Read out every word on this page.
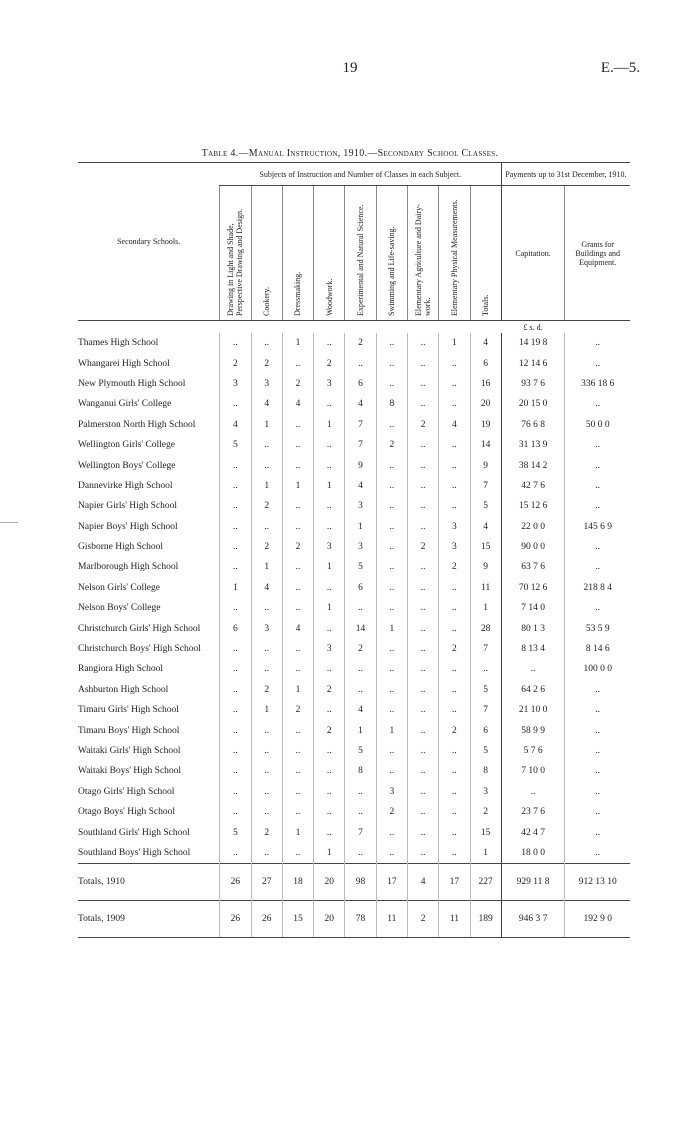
19	E.—5.
Table 4.—Manual Instruction, 1910.—Secondary School Classes.
Secondary Schools.	Subjects of Instruction and Number of Classes in each Subject.									Payments up to 31st December, 1910.	

	Drawing in Light and Shade, Perspective Drawing and Design.	Cookery.	Dressmaking.	Woodwork.	Experimental and Natural Science.	Swimming and Life-saving.	Elementary Agriculture and Dairy-work.	Elementary Physical Measurements.	Totals.	Capitation.	Grants for Buildings and Equipment.
										£ s. d.	
Thames High School	..	..	1	..	2	..	..	1	4	14 19 8	..
Whangarei High School	2	2	..	2	..	..	..	..	6	12 14 6	..
New Plymouth High School	3	3	2	3	6	..	..	..	16	93 7 6	336 18 6
Wanganui Girls' College	..	4	4	..	4	8	..	..	20	20 15 0	..
Palmerston North High School	4	1	..	1	7	..	2	4	19	76 6 8	50 0 0
Wellington Girls' College	5	..	..	..	7	2	..	..	14	31 13 9	..
Wellington Boys' College	..	..	..	..	9	..	..	..	9	38 14 2	..
Dannevirke High School	..	1	1	1	4	..	..	..	7	42 7 6	..
Napier Girls' High School	..	2	..	..	3	..	..	..	5	15 12 6	..
Napier Boys' High School	..	..	..	..	1	..	..	3	4	22 0 0	145 6 9
Gisborne High School	..	2	2	3	3	..	2	3	15	90 0 0	..
Marlborough High School	..	1	..	1	5	..	..	2	9	63 7 6	..
Nelson Girls' College	1	4	..	..	6	..	..	..	11	70 12 6	218 8 4
Nelson Boys' College	..	..	..	1	..	..	..	..	1	7 14 0	..
Christchurch Girls' High School	6	3	4	..	14	1	..	..	28	80 1 3	53 5 9
Christchurch Boys' High School	..	..	..	3	2	..	..	2	7	8 13 4	8 14 6
Rangiora High School	..	..	..	..	..	..	..	..	..	..	100 0 0
Ashburton High School	..	2	1	2	..	..	..	..	5	64 2 6	..
Timaru Girls' High School	..	1	2	..	4	..	..	..	7	21 10 0	..
Timaru Boys' High School	..	..	..	2	1	1	..	2	6	58 9 9	..
Waitaki Girls' High School	..	..	..	..	5	..	..	..	5	5 7 6	..
Waitaki Boys' High School	..	..	..	..	8	..	..	..	8	7 10 0	..
Otago Girls' High School	..	..	..	..	..	3	..	..	3	..	..
Otago Boys' High School	..	..	..	..	..	2	..	..	2	23 7 6	..
Southland Girls' High School	5	2	1	..	7	..	..	..	15	42 4 7	..
Southland Boys' High School	..	..	..	1	..	..	..	..	1	18 0 0	..
Totals, 1910	26	27	18	20	98	17	4	17	227	929 11 8	912 13 10
Totals, 1909	26	26	15	20	78	11	2	11	189	946 3 7	192 9 0
